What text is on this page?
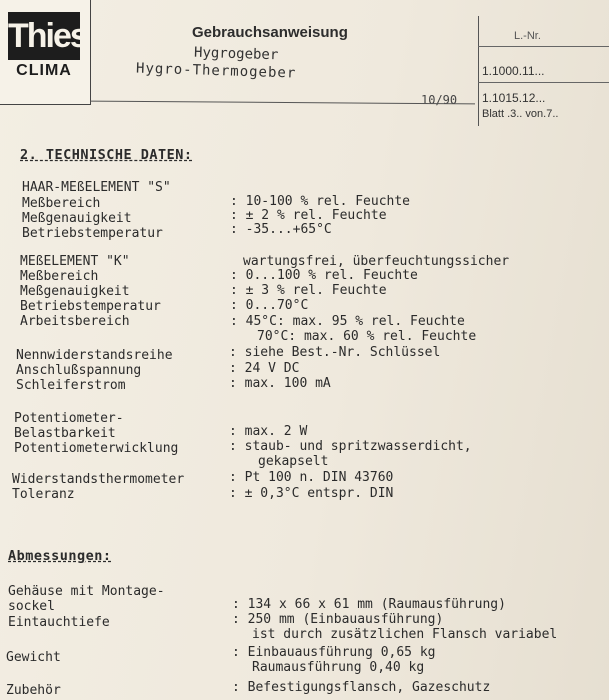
Thies
CLIMA
Gebrauchsanweisung
Hygrogeber
Hygro-Thermogeber
10/90
L.-Nr.
1.1000.11...
1.1015.12...
Blatt .3.. von.7..
2. TECHNISCHE DATEN:
HAAR-MEßELEMENT "S"
Meßbereich	: 10-100 % rel. Feuchte
Meßgenauigkeit	: ± 2 % rel. Feuchte
Betriebstemperatur	: -35...+65°C
MEßELEMENT "K"	wartungsfrei, überfeuchtungssicher
Meßbereich	: 0...100 % rel. Feuchte
Meßgenauigkeit	: ± 3 % rel. Feuchte
Betriebstemperatur	: 0...70°C
Arbeitsbereich	: 45°C: max. 95 % rel. Feuchte
70°C: max. 60 % rel. Feuchte
Nennwiderstandsreihe	: siehe Best.-Nr. Schlüssel
Anschlußspannung	: 24 V DC
Schleiferstrom	: max. 100 mA
Potentiometer-
Belastbarkeit	: max. 2 W
Potentiometerwicklung	: staub- und spritzwasserdicht,
gekapselt
Widerstandsthermometer	: Pt 100 n. DIN 43760
Toleranz	: ± 0,3°C entspr. DIN
Abmessungen:
Gehäuse mit Montage-
sockel	: 134 x 66 x 61 mm (Raumausführung)
Eintauchtiefe	: 250 mm (Einbauausführung)
ist durch zusätzlichen Flansch variabel
Gewicht	: Einbauausführung 0,65 kg
Raumausführung 0,40 kg
Zubehör	: Befestigungsflansch, Gazeschutz
